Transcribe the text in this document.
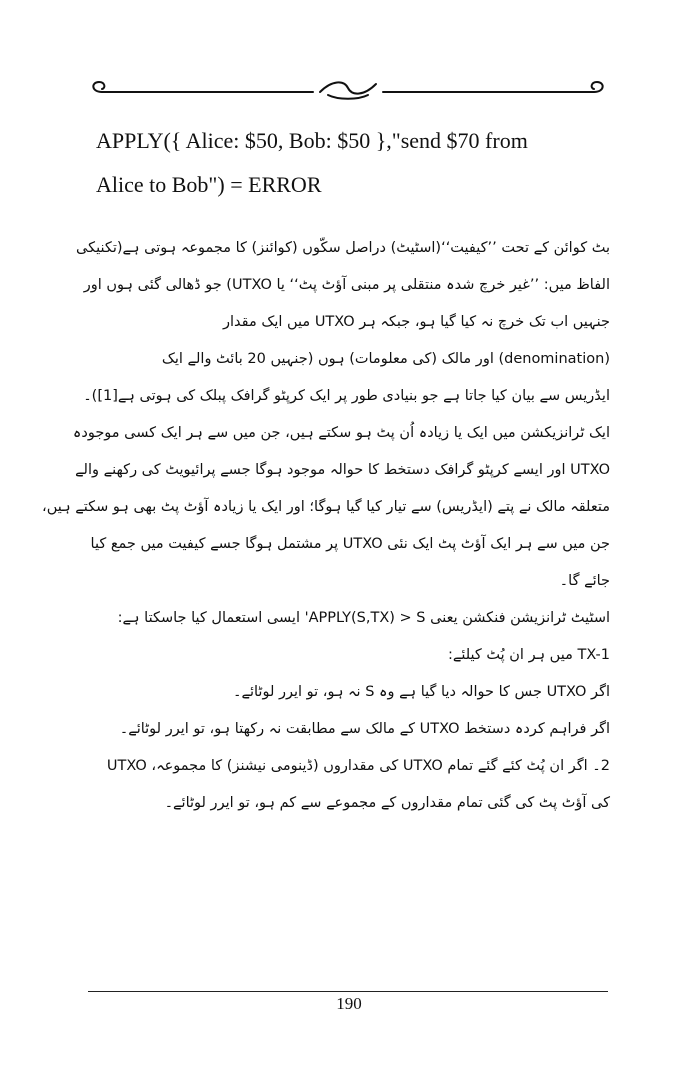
APPLY({ Alice: $50, Bob: $50 },"send $70 from
Alice to Bob") = ERROR
بٹ کوائن کے تحت ’’کیفیت‘‘(اسٹیٹ) دراصل سکّوں (کوائنز) کا مجموعہ ہوتی ہے(تکنیکی
الفاظ میں: ’’غیر خرچ شدہ منتقلی پر مبنی آؤٹ پٹ‘‘ یا UTXO) جو ڈھالی گئی ہوں اور
جنہیں اب تک خرچ نہ کیا گیا ہو، جبکہ ہر UTXO میں ایک مقدار
(denomination) اور مالک (کی معلومات) ہوں (جنہیں 20 بائٹ والے ایک
ایڈریس سے بیان کیا جاتا ہے جو بنیادی طور پر ایک کرپٹو گرافک پبلک کی ہوتی ہے[1])۔
ایک ٹرانزیکشن میں ایک یا زیادہ اُن پٹ ہو سکتے ہیں، جن میں سے ہر ایک کسی موجودہ
UTXO اور ایسے کرپٹو گرافک دستخط کا حوالہ موجود ہوگا جسے پرائیویٹ کی رکھنے والے
متعلقہ مالک نے پتے (ایڈریس) سے تیار کیا گیا ہوگا؛ اور ایک یا زیادہ آؤٹ پٹ بھی ہو سکتے ہیں،
جن میں سے ہر ایک آؤٹ پٹ ایک نئی UTXO پر مشتمل ہوگا جسے کیفیت میں جمع کیا
جائے گا۔
اسٹیٹ ٹرانزیشن فنکشن یعنی APPLY(S,TX) > S' ایسی استعمال کیا جاسکتا ہے:
TX-1 میں ہر ان پُٹ کیلئے:
اگر UTXO جس کا حوالہ دیا گیا ہے وہ S نہ ہو، تو ایرر لوٹائے۔
اگر فراہم کردہ دستخط UTXO کے مالک سے مطابقت نہ رکھتا ہو، تو ایرر لوٹائے۔
2۔ اگر ان پُٹ کئے گئے تمام UTXO کی مقداروں (ڈینومی نیشنز) کا مجموعہ، UTXO
کی آؤٹ پٹ کی گئی تمام مقداروں کے مجموعے سے کم ہو، تو ایرر لوٹائے۔
190
